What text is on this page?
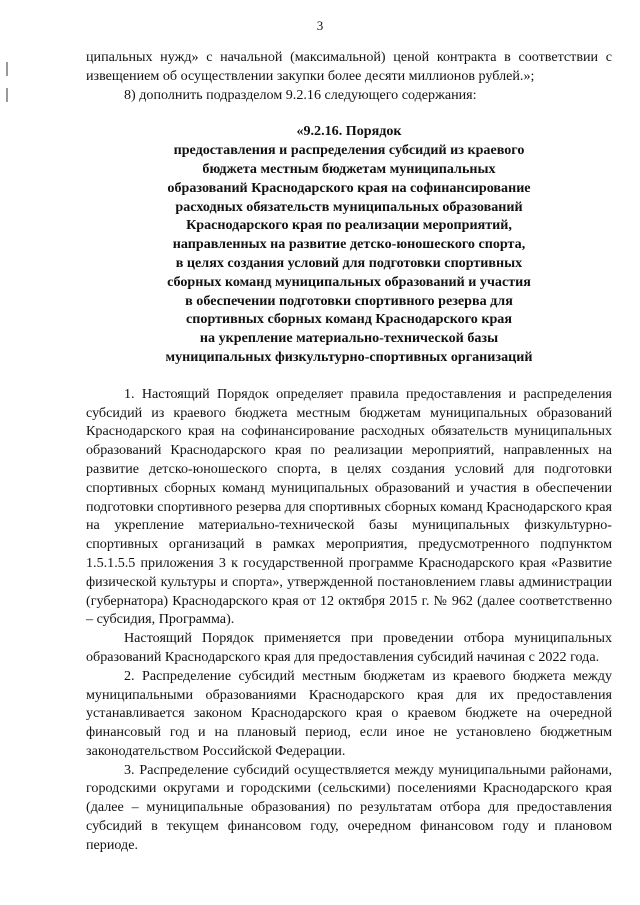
3

ципальных нужд» с начальной (максимальной) ценой контракта в соответствии с извещением об осуществлении закупки более десяти миллионов рублей.»;

8) дополнить подразделом 9.2.16 следующего содержания:

«9.2.16. Порядок
предоставления и распределения субсидий из краевого
бюджета местным бюджетам муниципальных
образований Краснодарского края на софинансирование
расходных обязательств муниципальных образований
Краснодарского края по реализации мероприятий,
направленных на развитие детско-юношеского спорта,
в целях создания условий для подготовки спортивных
сборных команд муниципальных образований и участия
в обеспечении подготовки спортивного резерва для
спортивных сборных команд Краснодарского края
на укрепление материально-технической базы
муниципальных физкультурно-спортивных организаций

1. Настоящий Порядок определяет правила предоставления и распределения субсидий из краевого бюджета местным бюджетам муниципальных образований Краснодарского края на софинансирование расходных обязательств муниципальных образований Краснодарского края по реализации мероприятий, направленных на развитие детско-юношеского спорта, в целях создания условий для подготовки спортивных сборных команд муниципальных образований и участия в обеспечении подготовки спортивного резерва для спортивных сборных команд Краснодарского края на укрепление материально-технической базы муниципальных физкультурно-спортивных организаций в рамках мероприятия, предусмотренного подпунктом 1.5.1.5.5 приложения 3 к государственной программе Краснодарского края «Развитие физической культуры и спорта», утвержденной постановлением главы администрации (губернатора) Краснодарского края от 12 октября 2015 г. № 962 (далее соответственно – субсидия, Программа).

Настоящий Порядок применяется при проведении отбора муниципальных образований Краснодарского края для предоставления субсидий начиная с 2022 года.

2. Распределение субсидий местным бюджетам из краевого бюджета между муниципальными образованиями Краснодарского края для их предоставления устанавливается законом Краснодарского края о краевом бюджете на очередной финансовый год и на плановый период, если иное не установлено бюджетным законодательством Российской Федерации.

3. Распределение субсидий осуществляется между муниципальными районами, городскими округами и городскими (сельскими) поселениями Краснодарского края (далее – муниципальные образования) по результатам отбора для предоставления субсидий в текущем финансовом году, очередном финансовом году и плановом периоде.
